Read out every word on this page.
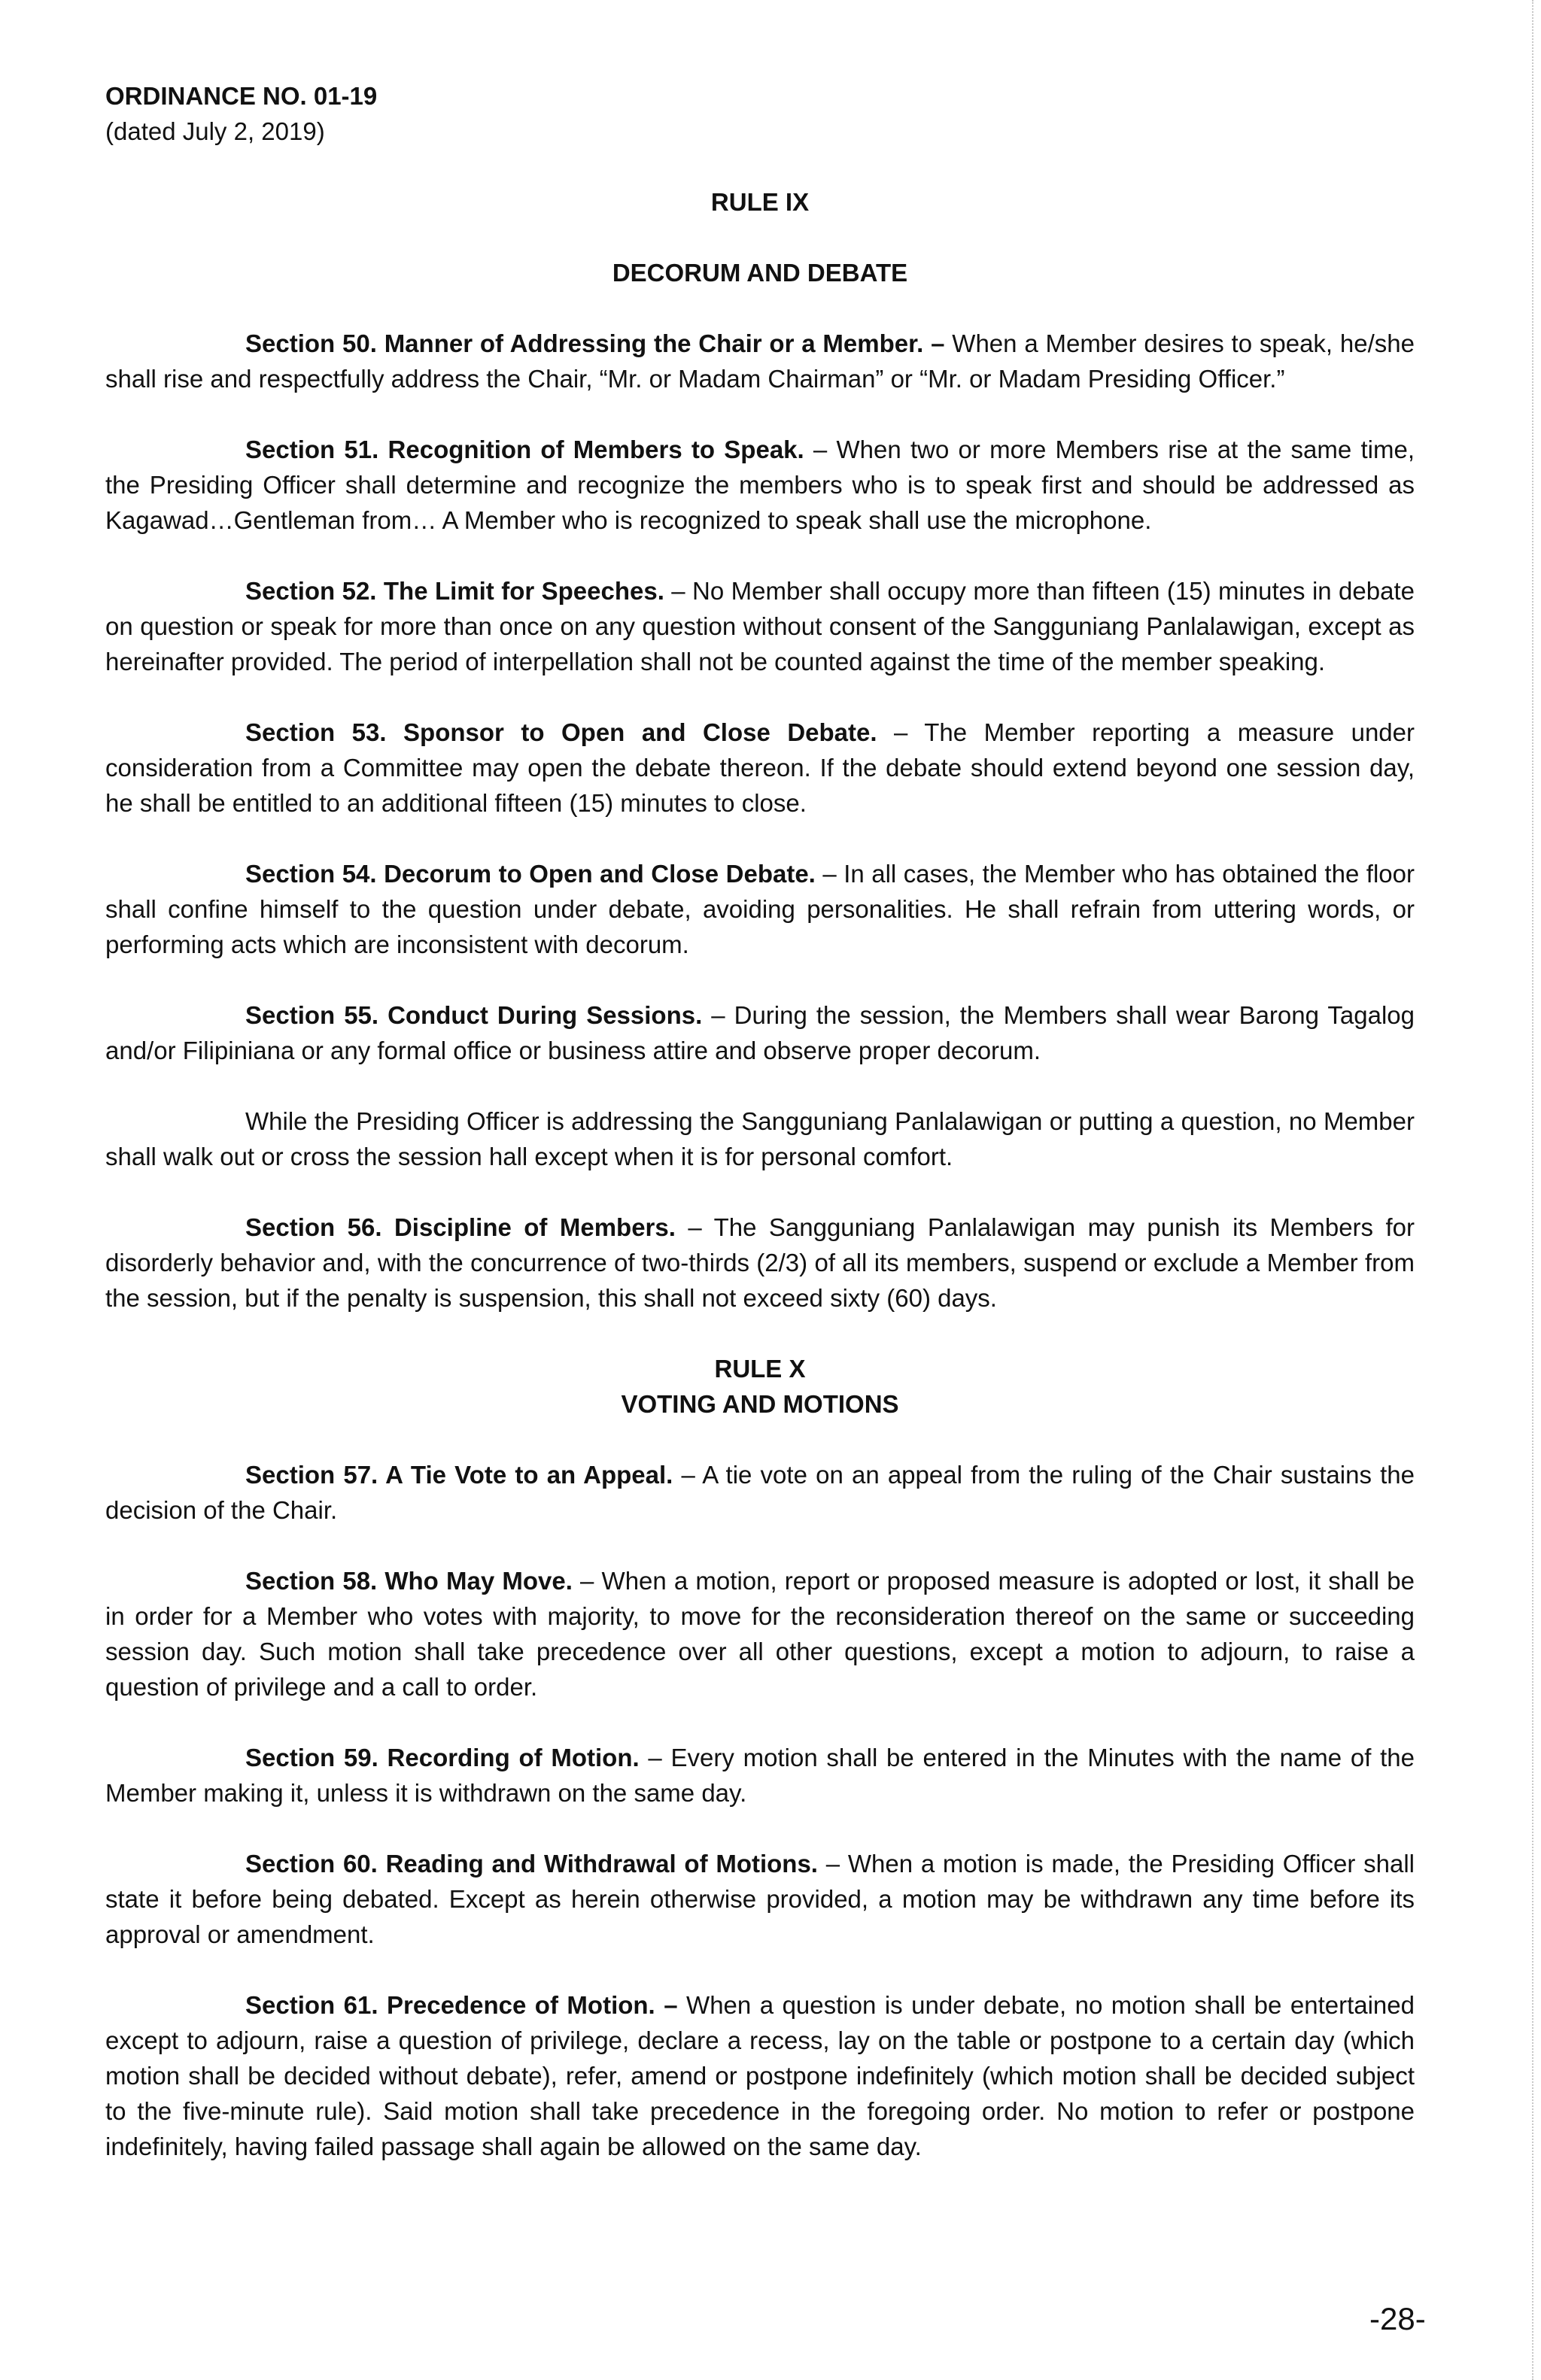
ORDINANCE NO. 01-19

(dated July 2, 2019)

RULE IX

DECORUM AND DEBATE

Section 50. Manner of Addressing the Chair or a Member. – When a Member desires to speak, he/she shall rise and respectfully address the Chair, “Mr. or Madam Chairman” or “Mr. or Madam Presiding Officer.”

Section 51. Recognition of Members to Speak. – When two or more Members rise at the same time, the Presiding Officer shall determine and recognize the members who is to speak first and should be addressed as Kagawad…Gentleman from… A Member who is recognized to speak shall use the microphone.

Section 52. The Limit for Speeches. – No Member shall occupy more than fifteen (15) minutes in debate on question or speak for more than once on any question without consent of the Sangguniang Panlalawigan, except as hereinafter provided. The period of interpellation shall not be counted against the time of the member speaking.

Section 53. Sponsor to Open and Close Debate. – The Member reporting a measure under consideration from a Committee may open the debate thereon. If the debate should extend beyond one session day, he shall be entitled to an additional fifteen (15) minutes to close.

Section 54. Decorum to Open and Close Debate. – In all cases, the Member who has obtained the floor shall confine himself to the question under debate, avoiding personalities. He shall refrain from uttering words, or performing acts which are inconsistent with decorum.

Section 55. Conduct During Sessions. – During the session, the Members shall wear Barong Tagalog and/or Filipiniana or any formal office or business attire and observe proper decorum.

While the Presiding Officer is addressing the Sangguniang Panlalawigan or putting a question, no Member shall walk out or cross the session hall except when it is for personal comfort.

Section 56. Discipline of Members. – The Sangguniang Panlalawigan may punish its Members for disorderly behavior and, with the concurrence of two-thirds (2/3) of all its members, suspend or exclude a Member from the session, but if the penalty is suspension, this shall not exceed sixty (60) days.

RULE X

VOTING AND MOTIONS

Section 57. A Tie Vote to an Appeal. – A tie vote on an appeal from the ruling of the Chair sustains the decision of the Chair.

Section 58. Who May Move. – When a motion, report or proposed measure is adopted or lost, it shall be in order for a Member who votes with majority, to move for the reconsideration thereof on the same or succeeding session day. Such motion shall take precedence over all other questions, except a motion to adjourn, to raise a question of privilege and a call to order.

Section 59. Recording of Motion. – Every motion shall be entered in the Minutes with the name of the Member making it, unless it is withdrawn on the same day.

Section 60. Reading and Withdrawal of Motions. – When a motion is made, the Presiding Officer shall state it before being debated. Except as herein otherwise provided, a motion may be withdrawn any time before its approval or amendment.

Section 61. Precedence of Motion. – When a question is under debate, no motion shall be entertained except to adjourn, raise a question of privilege, declare a recess, lay on the table or postpone to a certain day (which motion shall be decided without debate), refer, amend or postpone indefinitely (which motion shall be decided subject to the five-minute rule). Said motion shall take precedence in the foregoing order. No motion to refer or postpone indefinitely, having failed passage shall again be allowed on the same day.

-28-
